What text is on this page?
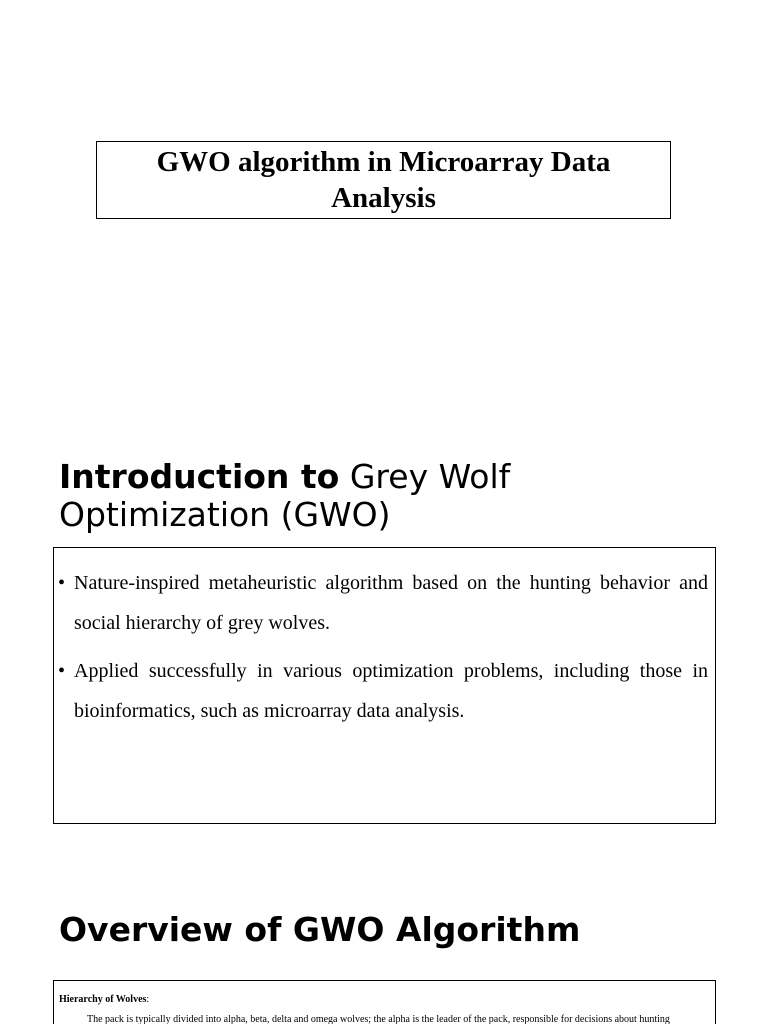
GWO algorithm in Microarray Data
Analysis
Introduction to Grey Wolf Optimization (GWO)
• Nature-inspired metaheuristic algorithm based on the hunting behavior and social hierarchy of grey wolves.
• Applied successfully in various optimization problems, including those in bioinformatics, such as microarray data analysis.
Overview of GWO Algorithm
Hierarchy of Wolves:
The pack is typically divided into alpha, beta, delta and omega wolves; the alpha is the leader of the pack, responsible for decisions about hunting
